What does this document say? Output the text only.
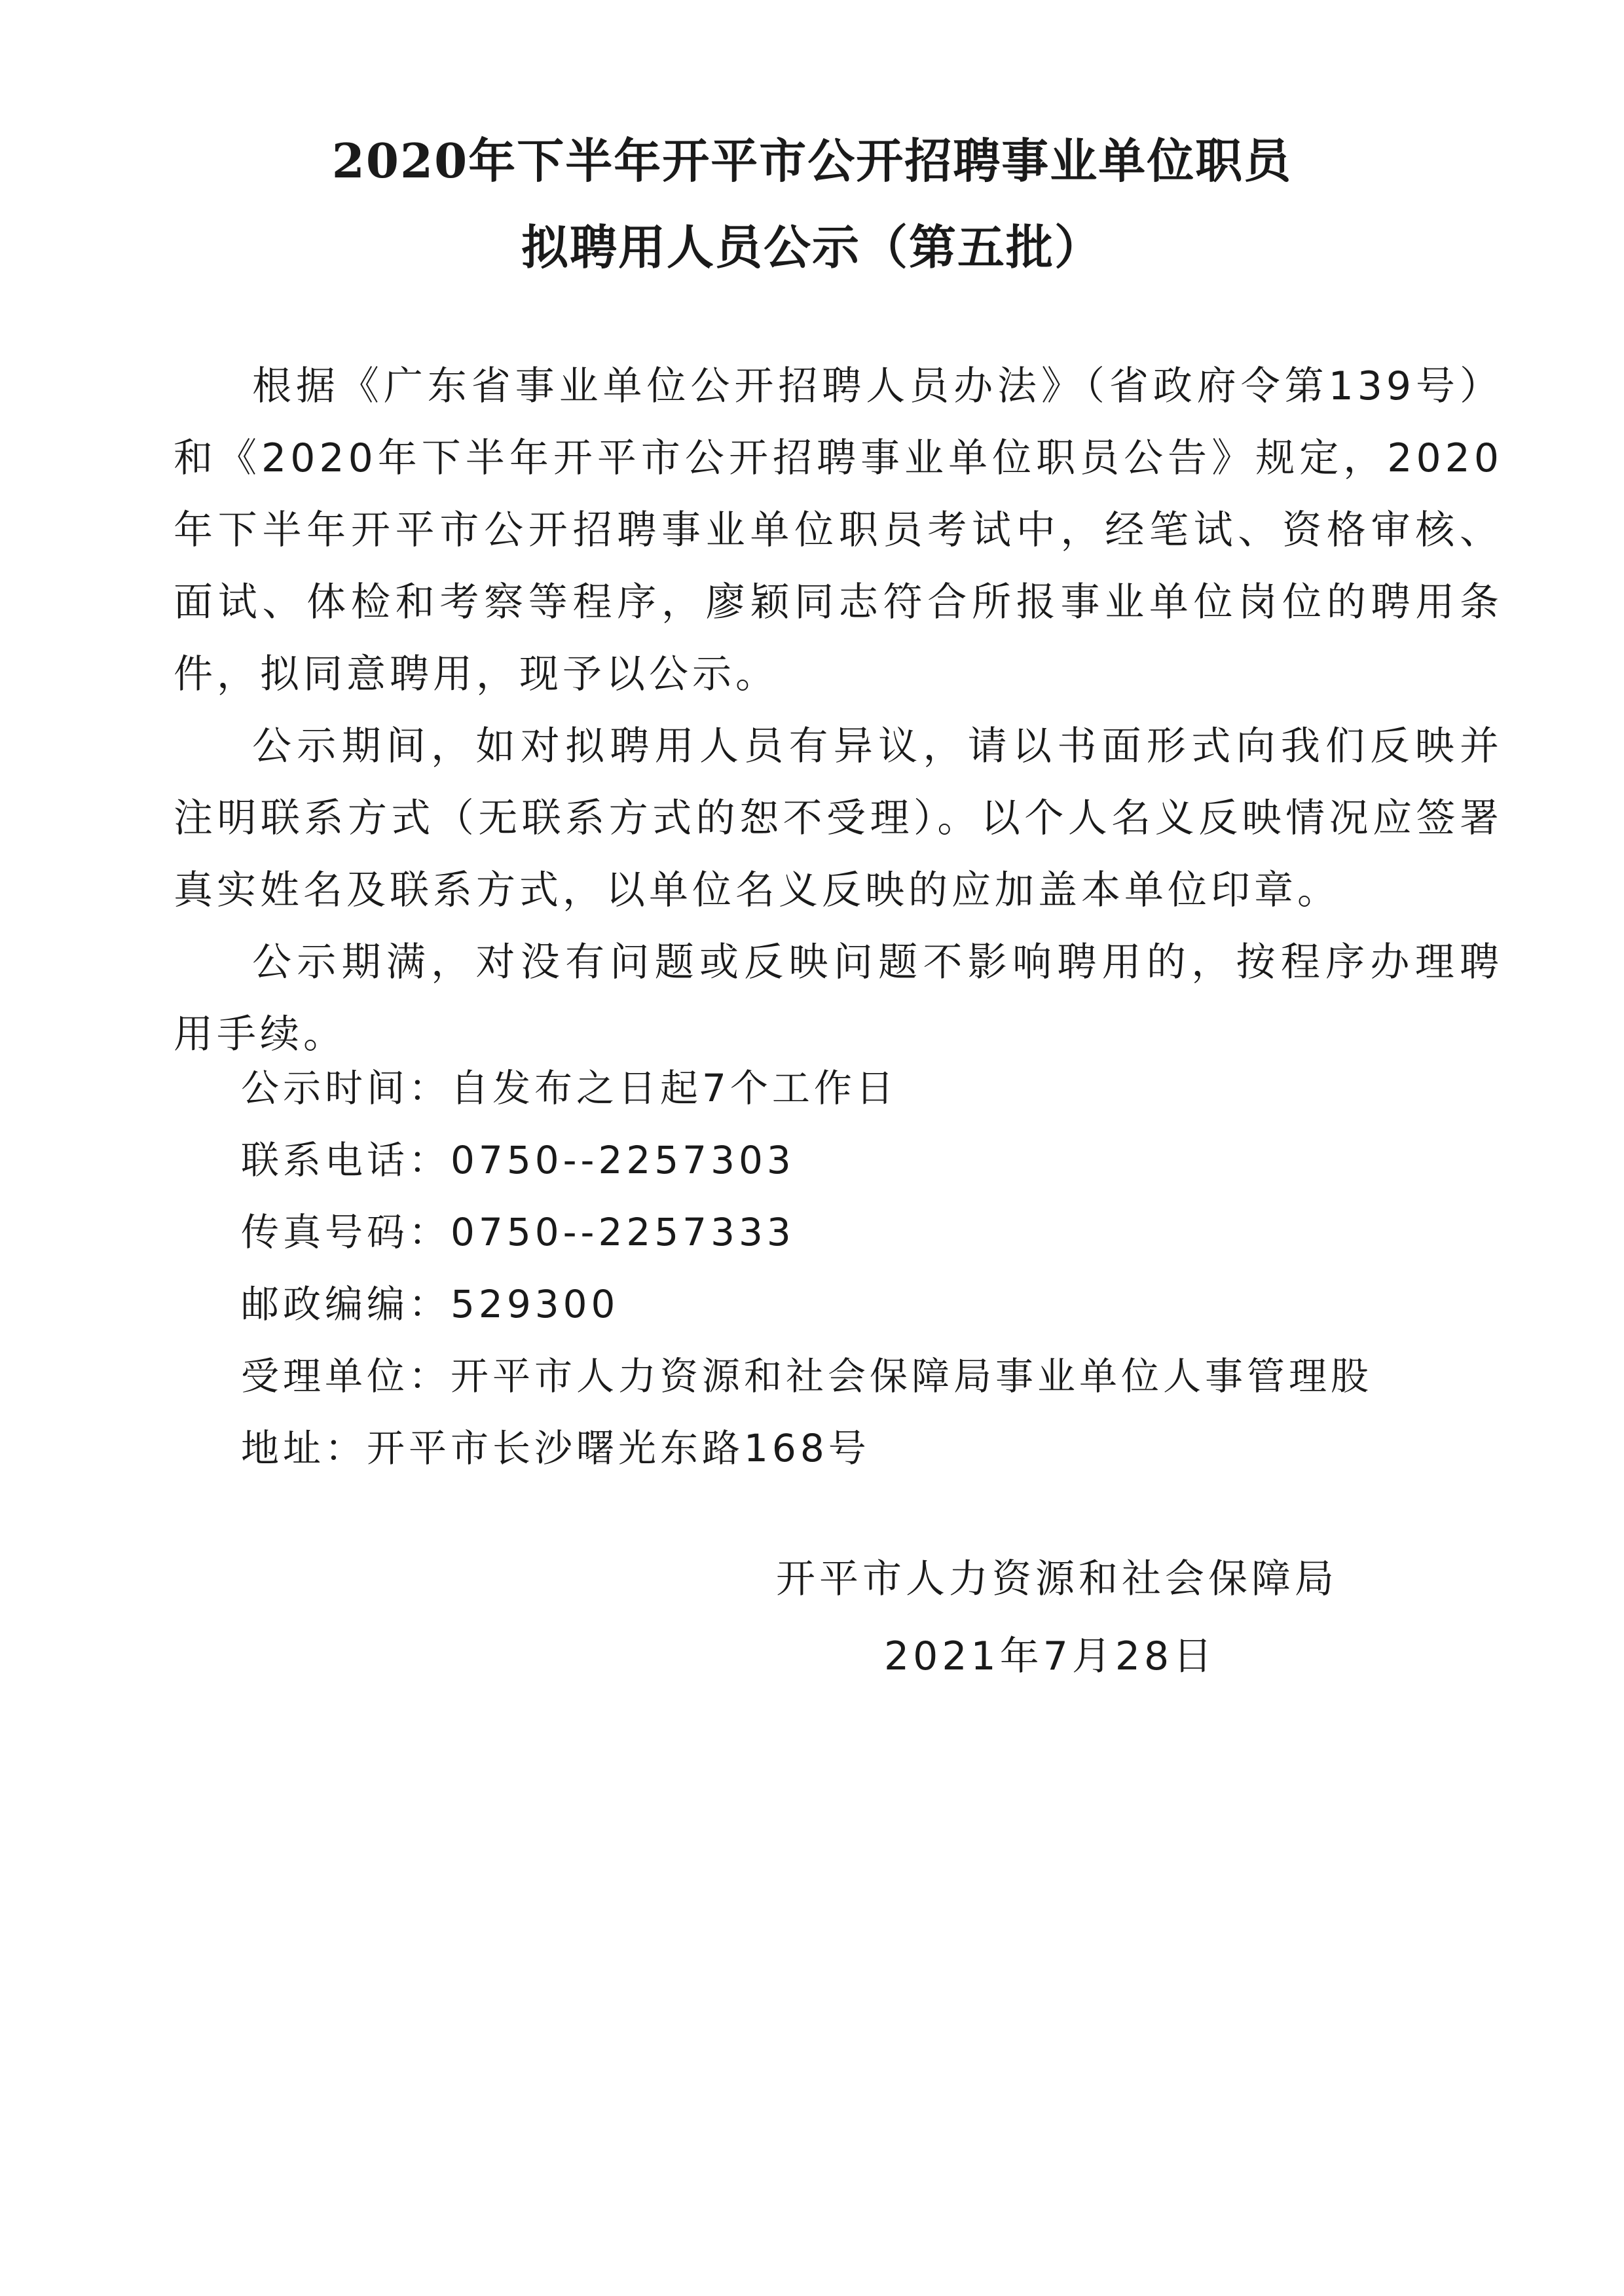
2020年下半年开平市公开招聘事业单位职员
拟聘用人员公示（第五批）

根据《广东省事业单位公开招聘人员办法》（省政府令第139号）和《2020年下半年开平市公开招聘事业单位职员公告》规定，2020年下半年开平市公开招聘事业单位职员考试中，经笔试、资格审核、面试、体检和考察等程序，廖颖同志符合所报事业单位岗位的聘用条件，拟同意聘用，现予以公示。

公示期间，如对拟聘用人员有异议，请以书面形式向我们反映并注明联系方式（无联系方式的恕不受理）。以个人名义反映情况应签署真实姓名及联系方式，以单位名义反映的应加盖本单位印章。

公示期满，对没有问题或反映问题不影响聘用的，按程序办理聘用手续。

公示时间：自发布之日起7个工作日
联系电话：0750--2257303
传真号码：0750--2257333
邮政编编：529300
受理单位：开平市人力资源和社会保障局事业单位人事管理股
地址：开平市长沙曙光东路168号
开平市人力资源和社会保障局
2021年7月28日
